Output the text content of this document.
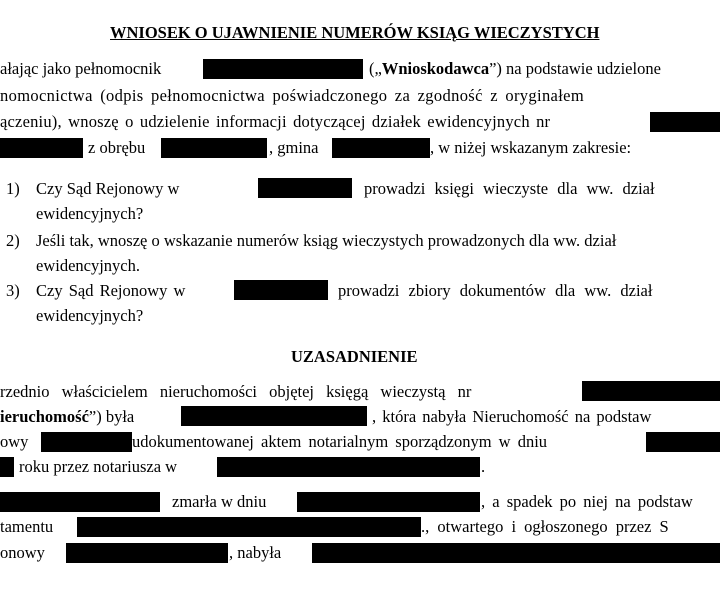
WNIOSEK O UJAWNIENIE NUMERÓW KSIĄG WIECZYSTYCH
ałając jako pełnomocnik	(„Wnioskodawca”) na podstawie udzielone
nomocnictwa (odpis pełnomocnictwa poświadczonego za zgodność z oryginałem
ączeniu), wnoszę o udzielenie informacji dotyczącej działek ewidencyjnych nr
z obrębu	, gmina	, w niżej wskazanym zakresie:
1) Czy Sąd Rejonowy w	prowadzi księgi wieczyste dla ww. dział
ewidencyjnych?
2) Jeśli tak, wnoszę o wskazanie numerów ksiąg wieczystych prowadzonych dla ww. dział
ewidencyjnych.
3) Czy Sąd Rejonowy w	prowadzi zbiory dokumentów dla ww. dział
ewidencyjnych?
UZASADNIENIE
rzednio właścicielem nieruchomości objętej księgą wieczystą nr
ieruchomość”) była	, która nabyła Nieruchomość na podstaw
owy	udokumentowanej aktem notarialnym sporządzonym w dniu
roku przez notariusza w	.
zmarła w dniu	, a spadek po niej na podstaw
tamentu	., otwartego i ogłoszonego przez S
onowy	, nabyła
